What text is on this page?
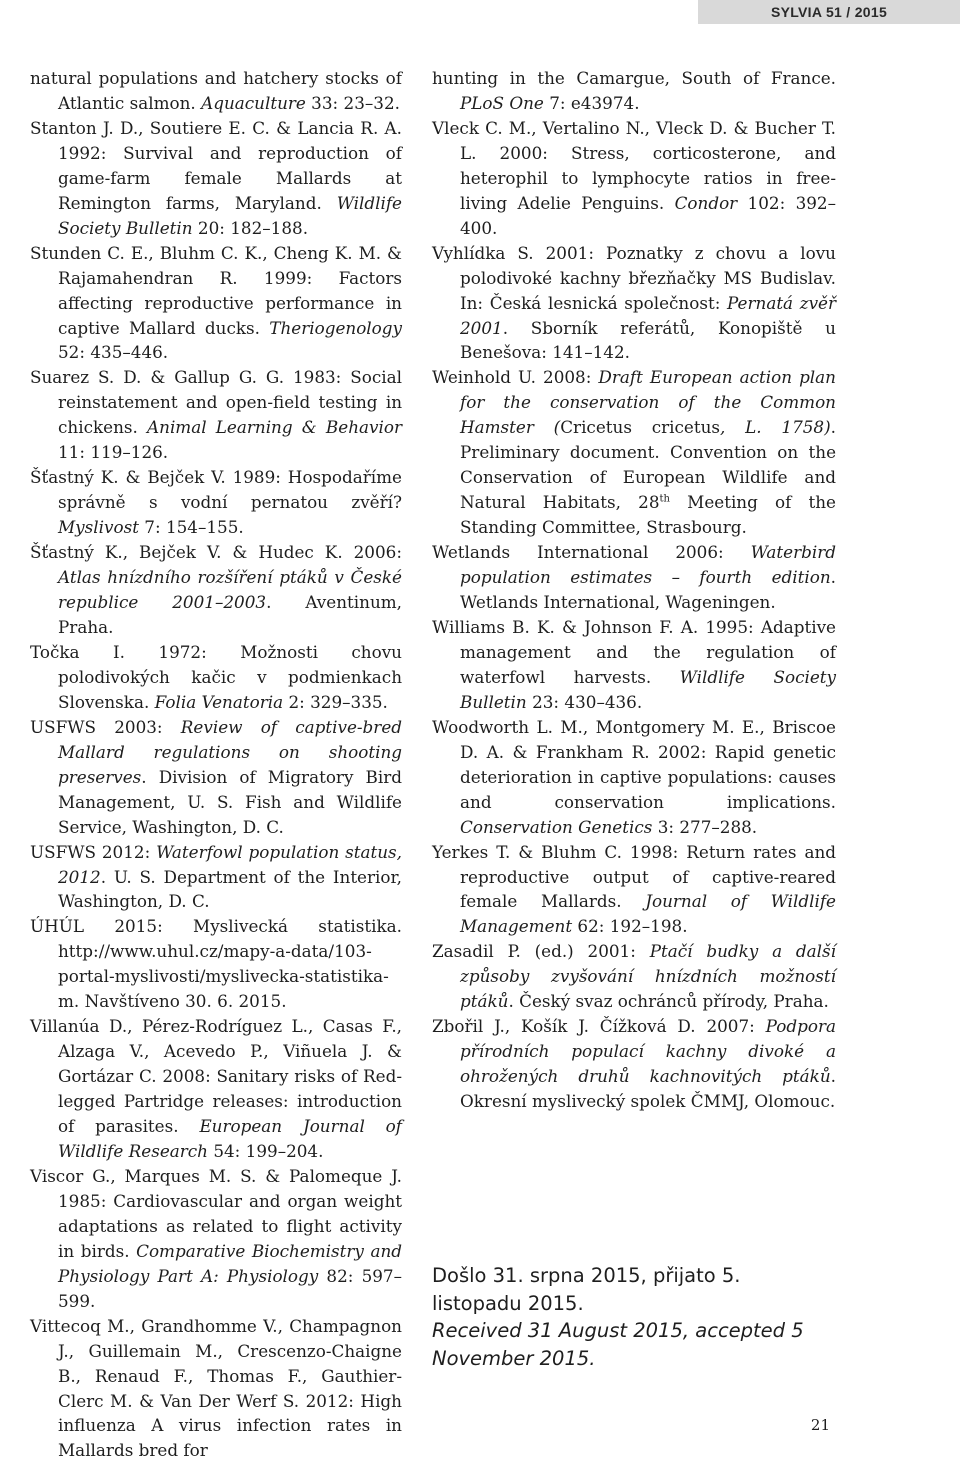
SYLVIA 51 / 2015

natural populations and hatchery stocks of Atlantic salmon. Aquaculture 33: 23–32.

Stanton J. D., Soutiere E. C. & Lancia R. A. 1992: Survival and reproduction of game-farm female Mallards at Remington farms, Maryland. Wildlife Society Bulletin 20: 182–188.

Stunden C. E., Bluhm C. K., Cheng K. M. & Rajamahendran R. 1999: Factors affecting reproductive performance in captive Mallard ducks. Theriogenology 52: 435–446.

Suarez S. D. & Gallup G. G. 1983: Social reinstatement and open-field testing in chickens. Animal Learning & Behavior 11: 119–126.

Šťastný K. & Bejček V. 1989: Hospodaříme správně s vodní pernatou zvěří? Myslivost 7: 154–155.

Šťastný K., Bejček V. & Hudec K. 2006: Atlas hnízdního rozšíření ptáků v České republice 2001–2003. Aventinum, Praha.

Točka I. 1972: Možnosti chovu polodivokých kačic v podmienkach Slovenska. Folia Venatoria 2: 329–335.

USFWS 2003: Review of captive-bred Mallard regulations on shooting preserves. Division of Migratory Bird Management, U. S. Fish and Wildlife Service, Washington, D. C.

USFWS 2012: Waterfowl population status, 2012. U. S. Department of the Interior, Washington, D. C.

ÚHÚL 2015: Myslivecká statistika. http://www.uhul.cz/mapy-a-data/103-portal-myslivosti/myslivecka-statistika-m. Navštíveno 30. 6. 2015.

Villanúa D., Pérez-Rodríguez L., Casas F., Alzaga V., Acevedo P., Viñuela J. & Gortázar C. 2008: Sanitary risks of Red-legged Partridge releases: introduction of parasites. European Journal of Wildlife Research 54: 199–204.

Viscor G., Marques M. S. & Palomeque J. 1985: Cardiovascular and organ weight adaptations as related to flight activity in birds. Comparative Biochemistry and Physiology Part A: Physiology 82: 597–599.

Vittecoq M., Grandhomme V., Champagnon J., Guillemain M., Crescenzo-Chaigne B., Renaud F., Thomas F., Gauthier-Clerc M. & Van Der Werf S. 2012: High influenza A virus infection rates in Mallards bred for

hunting in the Camargue, South of France. PLoS One 7: e43974.

Vleck C. M., Vertalino N., Vleck D. & Bucher T. L. 2000: Stress, corticosterone, and heterophil to lymphocyte ratios in free-living Adelie Penguins. Condor 102: 392–400.

Vyhlídka S. 2001: Poznatky z chovu a lovu polodivoké kachny březňačky MS Budislav. In: Česká lesnická společnost: Pernatá zvěř 2001. Sborník referátů, Konopiště u Benešova: 141–142.

Weinhold U. 2008: Draft European action plan for the conservation of the Common Hamster (Cricetus cricetus, L. 1758). Preliminary document. Convention on the Conservation of European Wildlife and Natural Habitats, 28th Meeting of the Standing Committee, Strasbourg.

Wetlands International 2006: Waterbird population estimates – fourth edition. Wetlands International, Wageningen.

Williams B. K. & Johnson F. A. 1995: Adaptive management and the regulation of waterfowl harvests. Wildlife Society Bulletin 23: 430–436.

Woodworth L. M., Montgomery M. E., Briscoe D. A. & Frankham R. 2002: Rapid genetic deterioration in captive populations: causes and conservation implications. Conservation Genetics 3: 277–288.

Yerkes T. & Bluhm C. 1998: Return rates and reproductive output of captive-reared female Mallards. Journal of Wildlife Management 62: 192–198.

Zasadil P. (ed.) 2001: Ptačí budky a další způsoby zvyšování hnízdních možností ptáků. Český svaz ochránců přírody, Praha.

Zbořil J., Košík J. Čížková D. 2007: Podpora přírodních populací kachny divoké a ohrožených druhů kachnovitých ptáků. Okresní myslivecký spolek ČMMJ, Olomouc.

Došlo 31. srpna 2015, přijato 5. listopadu 2015.
Received 31 August 2015, accepted 5 November 2015.
21
